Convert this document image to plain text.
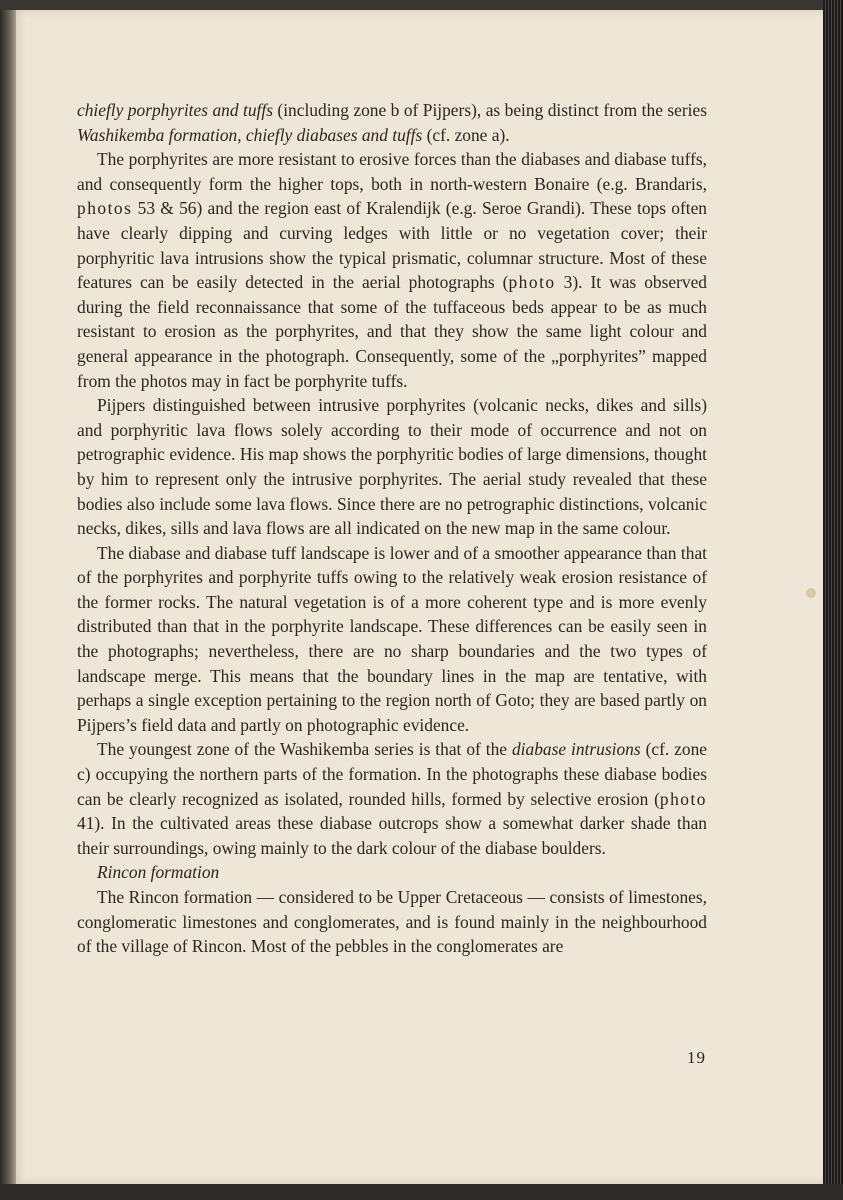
chiefly porphyrites and tuffs (including zone b of Pijpers), as being distinct from the series Washikemba formation, chiefly diabases and tuffs (cf. zone a).

The porphyrites are more resistant to erosive forces than the diabases and diabase tuffs, and consequently form the higher tops, both in north-western Bonaire (e.g. Brandaris, photos 53 & 56) and the region east of Kralendijk (e.g. Seroe Grandi). These tops often have clearly dipping and curving ledges with little or no vegetation cover; their porphyritic lava intrusions show the typical prismatic, columnar structure. Most of these features can be easily detected in the aerial photographs (photo 3). It was observed during the field reconnaissance that some of the tuffaceous beds appear to be as much resistant to erosion as the porphyrites, and that they show the same light colour and general appearance in the photograph. Consequently, some of the „porphyrites” mapped from the photos may in fact be porphyrite tuffs.

Pijpers distinguished between intrusive porphyrites (volcanic necks, dikes and sills) and porphyritic lava flows solely according to their mode of occurrence and not on petrographic evidence. His map shows the porphyritic bodies of large dimensions, thought by him to represent only the intrusive porphyrites. The aerial study revealed that these bodies also include some lava flows. Since there are no petrographic distinctions, volcanic necks, dikes, sills and lava flows are all indicated on the new map in the same colour.

The diabase and diabase tuff landscape is lower and of a smoother appearance than that of the porphyrites and porphyrite tuffs owing to the relatively weak erosion resistance of the former rocks. The natural vegetation is of a more coherent type and is more evenly distributed than that in the porphyrite landscape. These differences can be easily seen in the photographs; nevertheless, there are no sharp boundaries and the two types of landscape merge. This means that the boundary lines in the map are tentative, with perhaps a single exception pertaining to the region north of Goto; they are based partly on Pijpers’s field data and partly on photographic evidence.

The youngest zone of the Washikemba series is that of the diabase intrusions (cf. zone c) occupying the northern parts of the formation. In the photographs these diabase bodies can be clearly recognized as isolated, rounded hills, formed by selective erosion (photo 41). In the cultivated areas these diabase outcrops show a somewhat darker shade than their surroundings, owing mainly to the dark colour of the diabase boulders.

Rincon formation

The Rincon formation — considered to be Upper Cretaceous — consists of limestones, conglomeratic limestones and conglomerates, and is found mainly in the neighbourhood of the village of Rincon. Most of the pebbles in the conglomerates are

19
